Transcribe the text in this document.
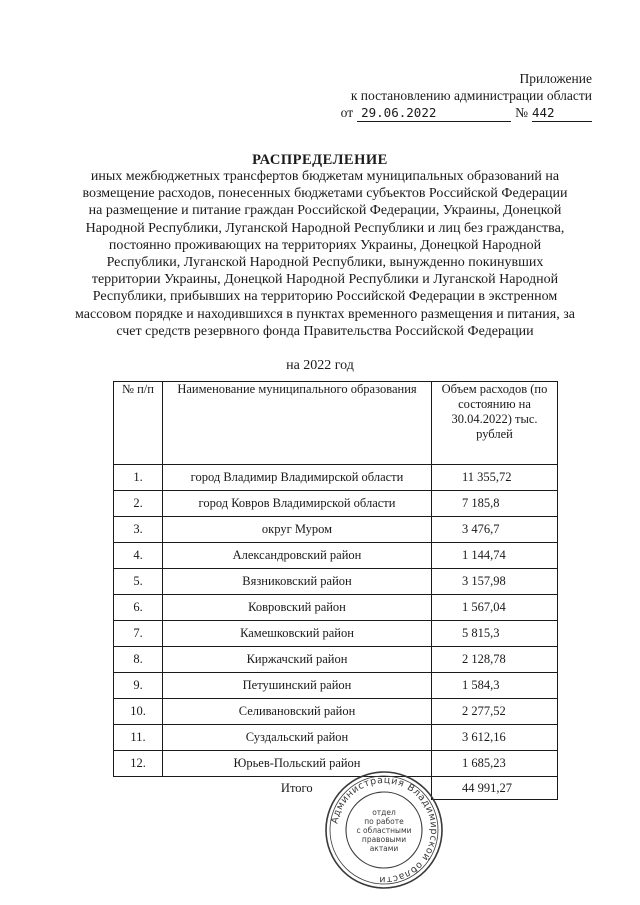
Приложение
к постановлению администрации области
от 29.06.2022	№ 442
РАСПРЕДЕЛЕНИЕ
иных межбюджетных трансфертов бюджетам муниципальных образований на возмещение расходов, понесенных бюджетами субъектов Российской Федерации на размещение и питание граждан Российской Федерации, Украины, Донецкой Народной Республики, Луганской Народной Республики и лиц без гражданства, постоянно проживающих на территориях Украины, Донецкой Народной Республики, Луганской Народной Республики, вынужденно покинувших территории Украины, Донецкой Народной Республики и Луганской Народной Республики, прибывших на территорию Российской Федерации в экстренном массовом порядке и находившихся в пунктах временного размещения и питания, за счет средств резервного фонда Правительства Российской Федерации
на 2022 год
№ п/п	Наименование муниципального образования	Объем расходов (по состоянию на 30.04.2022) тыс. рублей
1.	город Владимир Владимирской области	11 355,72
2.	город Ковров Владимирской области	7 185,8
3.	округ Муром	3 476,7
4.	Александровский район	1 144,74
5.	Вязниковский район	3 157,98
6.	Ковровский район	1 567,04
7.	Камешковский район	5 815,3
8.	Киржачский район	2 128,78
9.	Петушинский район	1 584,3
10.	Селивановский район	2 277,52
11.	Суздальский район	3 612,16
12.	Юрьев-Польский район	1 685,23
	Итого	44 991,27
Администрация Владимирской области
отдел
по работе
с областными
правовыми
актами
